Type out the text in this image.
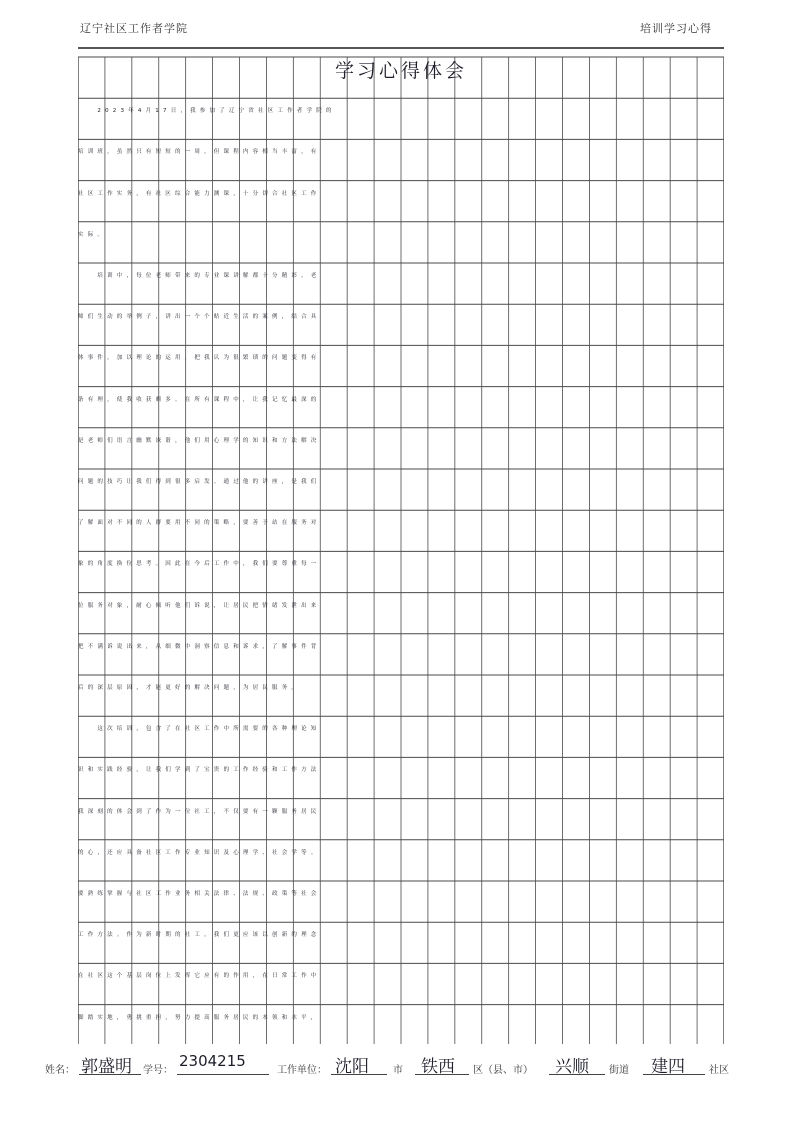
辽宁社区工作者学院	培训学习心得
学习心得体会
　　2023年4月17日，我参加了辽宁省社区工作者学院的
培训班，虽然只有短短的一周，但课程内容相当丰富，有
社区工作实务，有社区综合能力测课，十分切合社区工作
实际。
　　培训中，每位老师带来的专业课讲解都十分精彩。老
师们生动的举例子，讲出一个个贴近生活的案例，结合具
体事件，加以理论的运用，把我认为很繁琐的问题变得有
条有理，使我收获颇多。在所有课程中，让我记忆最深的
是老师们语言幽默诙谐，他们用心理学的知识和方法解决
问题的技巧让我们得到很多启发。通过他的讲座，是我们
了解面对不同的人群要用不同的策略，要善于站在服务对
象的角度换位思考。因此在今后工作中，我们要尊重每一
位服务对象，耐心倾听他们诉说，让居民把情绪发泄出来
把不满诉说出来，从细微中洞察信息和诉求，了解事件背
后的深层原因，才能更好的解决问题，为居民服务。
　　这次培训，包含了在社区工作中所需要的各种理论知
识和实践经验，让我们学到了宝贵的工作经验和工作方法
我深刻的体会到了作为一位社工，不仅要有一颗服务居民
的心，还应具备社区工作专业知识及心理学、社会学等。
要熟练掌握与社区工作业务相关法律、法规、政策等社会
工作方法。作为新时期的社工，我们更应该以创新的理念
在社区这个基层岗位上发挥它应有的作用，在日常工作中
脚踏实地，勇挑重担，努力提高服务居民的本领和水平，
姓名： 郭盛明 学号：
2304215
工作单位： 沈阳 市 铁西 区（县、市） 兴顺 街道 建四 社区
